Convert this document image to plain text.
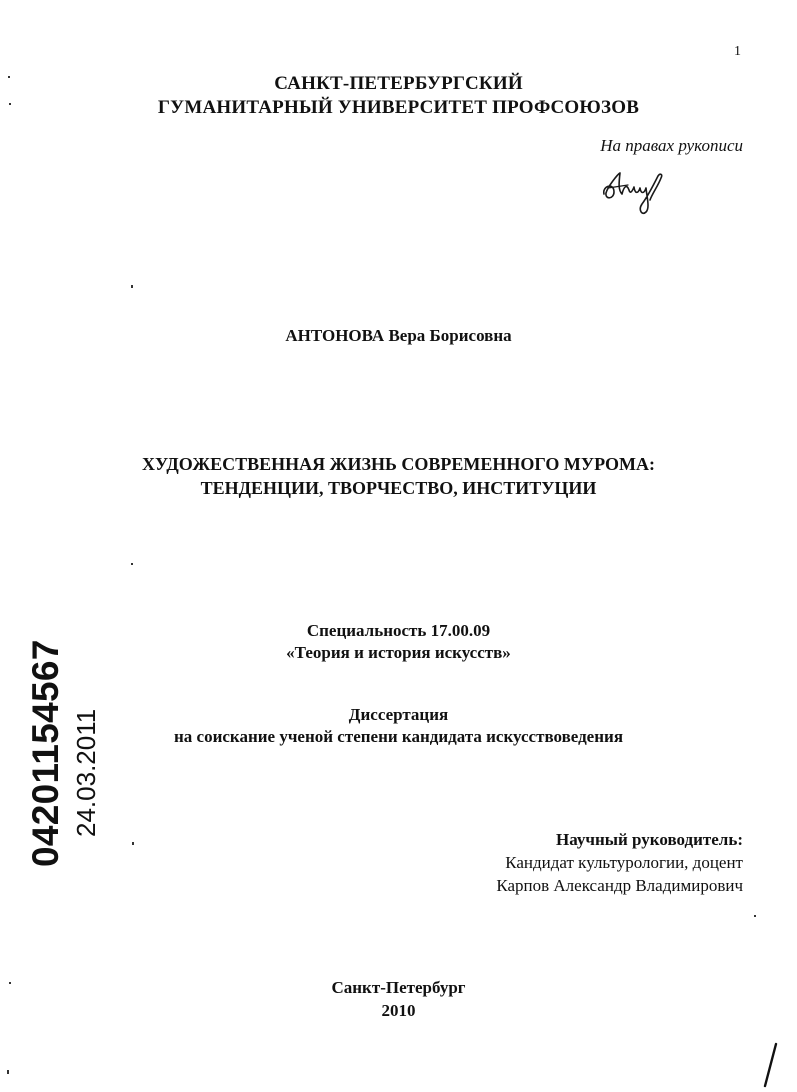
1
САНКТ-ПЕТЕРБУРГСКИЙ
ГУМАНИТАРНЫЙ УНИВЕРСИТЕТ ПРОФСОЮЗОВ
На правах рукописи
АНТОНОВА Вера Борисовна
ХУДОЖЕСТВЕННАЯ ЖИЗНЬ СОВРЕМЕННОГО МУРОМА:
ТЕНДЕНЦИИ, ТВОРЧЕСТВО, ИНСТИТУЦИИ
Специальность 17.00.09
«Теория и история искусств»
Диссертация
на соискание ученой степени кандидата искусствоведения
Научный руководитель:
Кандидат культурологии, доцент
Карпов Александр Владимирович
Санкт-Петербург
2010
04201154567 24.03.2011
